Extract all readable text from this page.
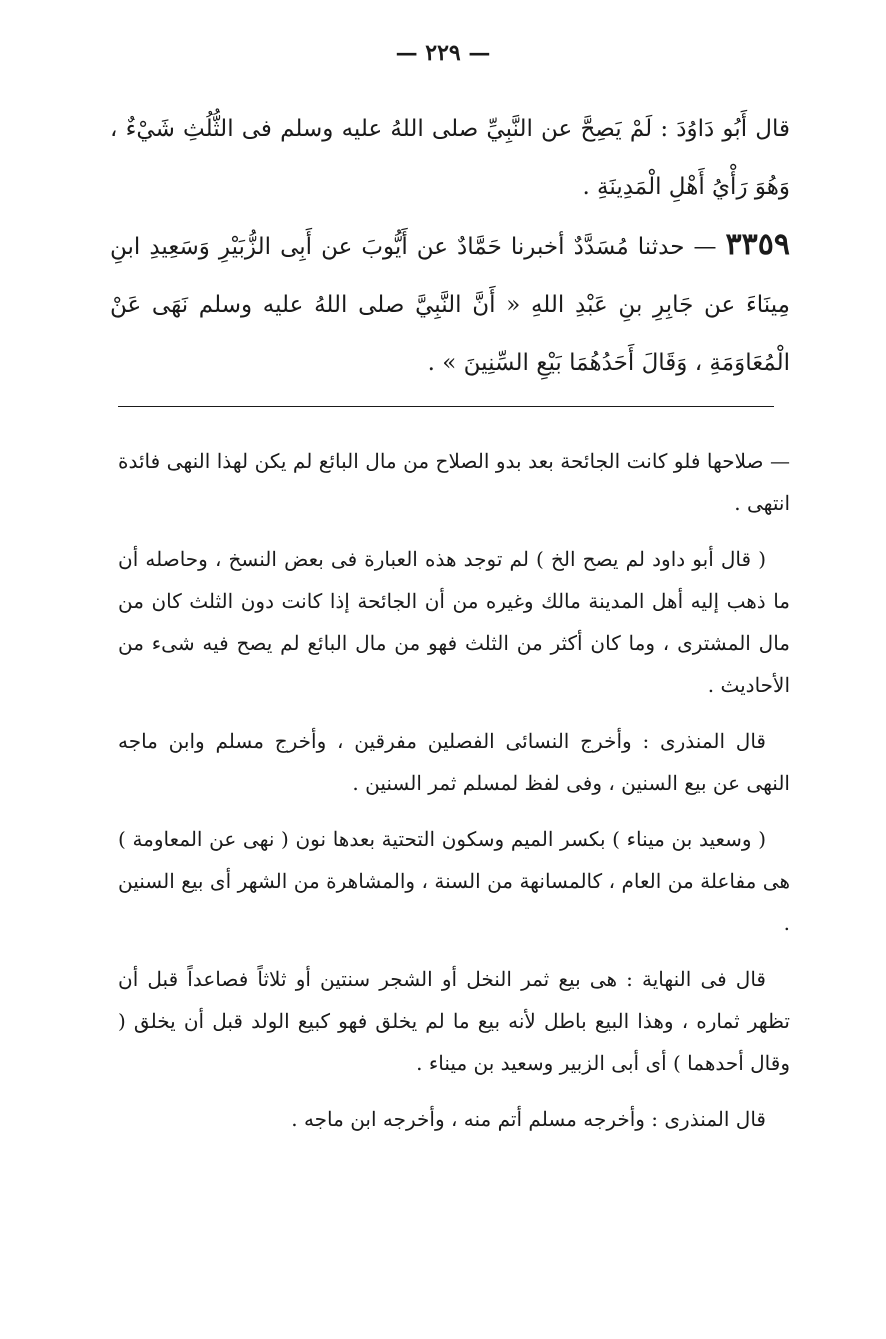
— ٢٢٩ —

قال أَبُو دَاوُدَ : لَمْ يَصِحَّ عن النَّبِيِّ صلى اللهُ عليه وسلم فى الثُّلُثِ شَيْءٌ ، وَهُوَ رَأْيُ أَهْلِ الْمَدِينَةِ .

٣٣٥٩ — حدثنا مُسَدَّدٌ أخبرنا حَمَّادٌ عن أَيُّوبَ عن أَبِى الزُّبَيْرِ وَسَعِيدِ ابنِ مِينَاءَ عن جَابِرِ بنِ عَبْدِ اللهِ « أَنَّ النَّبِيَّ صلى اللهُ عليه وسلم نَهَى عَنْ الْمُعَاوَمَةِ ، وَقَالَ أَحَدُهُمَا بَيْعِ السِّنِينَ » .

— صلاحها فلو كانت الجائحة بعد بدو الصلاح من مال البائع لم يكن لهذا النهى فائدة انتهى .

( قال أبو داود لم يصح الخ ) لم توجد هذه العبارة فى بعض النسخ ، وحاصله أن ما ذهب إليه أهل المدينة مالك وغيره من أن الجائحة إذا كانت دون الثلث كان من مال المشترى ، وما كان أكثر من الثلث فهو من مال البائع لم يصح فيه شىء من الأحاديث .

قال المنذرى : وأخرج النسائى الفصلين مفرقين ، وأخرج مسلم وابن ماجه النهى عن بيع السنين ، وفى لفظ لمسلم ثمر السنين .

( وسعيد بن ميناء ) بكسر الميم وسكون التحتية بعدها نون ( نهى عن المعاومة ) هى مفاعلة من العام ، كالمسانهة من السنة ، والمشاهرة من الشهر أى بيع السنين .

قال فى النهاية : هى بيع ثمر النخل أو الشجر سنتين أو ثلاثاً فصاعداً قبل أن تظهر ثماره ، وهذا البيع باطل لأنه بيع ما لم يخلق فهو كبيع الولد قبل أن يخلق ( وقال أحدهما ) أى أبى الزبير وسعيد بن ميناء .

قال المنذرى : وأخرجه مسلم أتم منه ، وأخرجه ابن ماجه .
